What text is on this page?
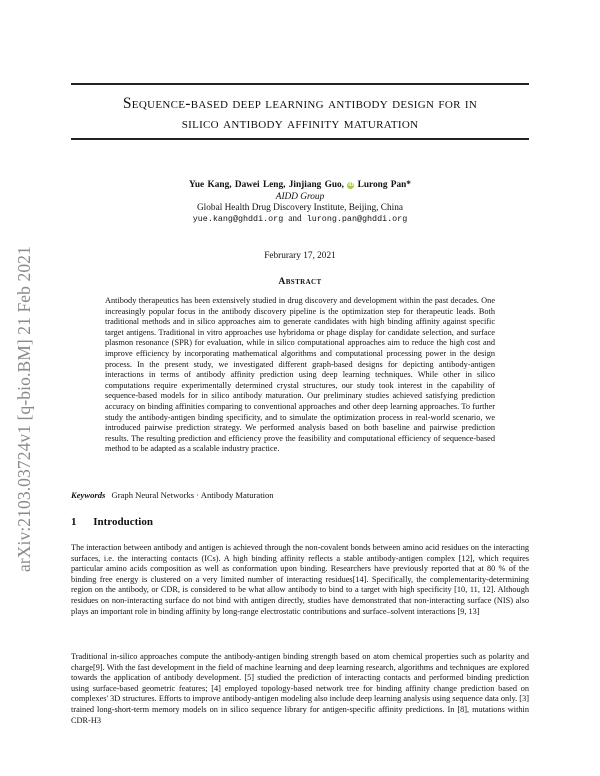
arXiv:2103.03724v1 [q-bio.BM] 21 Feb 2021
Sequence-based deep learning antibody design for in
silico antibody affinity maturation
Yue Kang, Dawei Leng, Jinjiang Guo, iD Lurong Pan*
AIDD Group
Global Health Drug Discovery Institute, Beijing, China
yue.kang@ghddi.org and lurong.pan@ghddi.org
Februrary 17, 2021
Abstract
Antibody therapeutics has been extensively studied in drug discovery and development within the past decades. One increasingly popular focus in the antibody discovery pipeline is the optimization step for therapeutic leads. Both traditional methods and in silico approaches aim to generate candidates with high binding affinity against specific target antigens. Traditional in vitro approaches use hybridoma or phage display for candidate selection, and surface plasmon resonance (SPR) for evaluation, while in silico computational approaches aim to reduce the high cost and improve efficiency by incorporating mathematical algorithms and computational processing power in the design process. In the present study, we investigated different graph-based designs for depicting antibody-antigen interactions in terms of antibody affinity prediction using deep learning techniques. While other in silico computations require experimentally determined crystal structures, our study took interest in the capability of sequence-based models for in silico antibody maturation. Our preliminary studies achieved satisfying prediction accuracy on binding affinities comparing to conventional approaches and other deep learning approaches. To further study the antibody-antigen binding specificity, and to simulate the optimization process in real-world scenario, we introduced pairwise prediction strategy. We performed analysis based on both baseline and pairwise prediction results. The resulting prediction and efficiency prove the feasibility and computational efficiency of sequence-based method to be adapted as a scalable industry practice.
Keywords Graph Neural Networks · Antibody Maturation
1 Introduction
The interaction between antibody and antigen is achieved through the non-covalent bonds between amino acid residues on the interacting surfaces, i.e. the interacting contacts (ICs). A high binding affinity reflects a stable antibody-antigen complex [12], which requires particular amino acids composition as well as conformation upon binding. Researchers have previously reported that at 80 % of the binding free energy is clustered on a very limited number of interacting residues[14]. Specifically, the complementarity-determining region on the antibody, or CDR, is considered to be what allow antibody to bind to a target with high specificity [10, 11, 12]. Although residues on non-interacting surface do not bind with antigen directly, studies have demonstrated that non-interacting surface (NIS) also plays an important role in binding affinity by long-range electrostatic contributions and surface–solvent interactions [9, 13]
Traditional in-silico approaches compute the antibody-antigen binding strength based on atom chemical properties such as polarity and charge[9]. With the fast development in the field of machine learning and deep learning research, algorithms and techniques are explored towards the application of antibody development. [5] studied the prediction of interacting contacts and performed binding prediction using surface-based geometric features; [4] employed topology-based network tree for binding affinity change prediction based on complexes' 3D structures. Efforts to improve antibody-antigen modeling also include deep learning analysis using sequence data only. [3] trained long-short-term memory models on in silico sequence library for antigen-specific affinity predictions. In [8], mutations within CDR-H3
